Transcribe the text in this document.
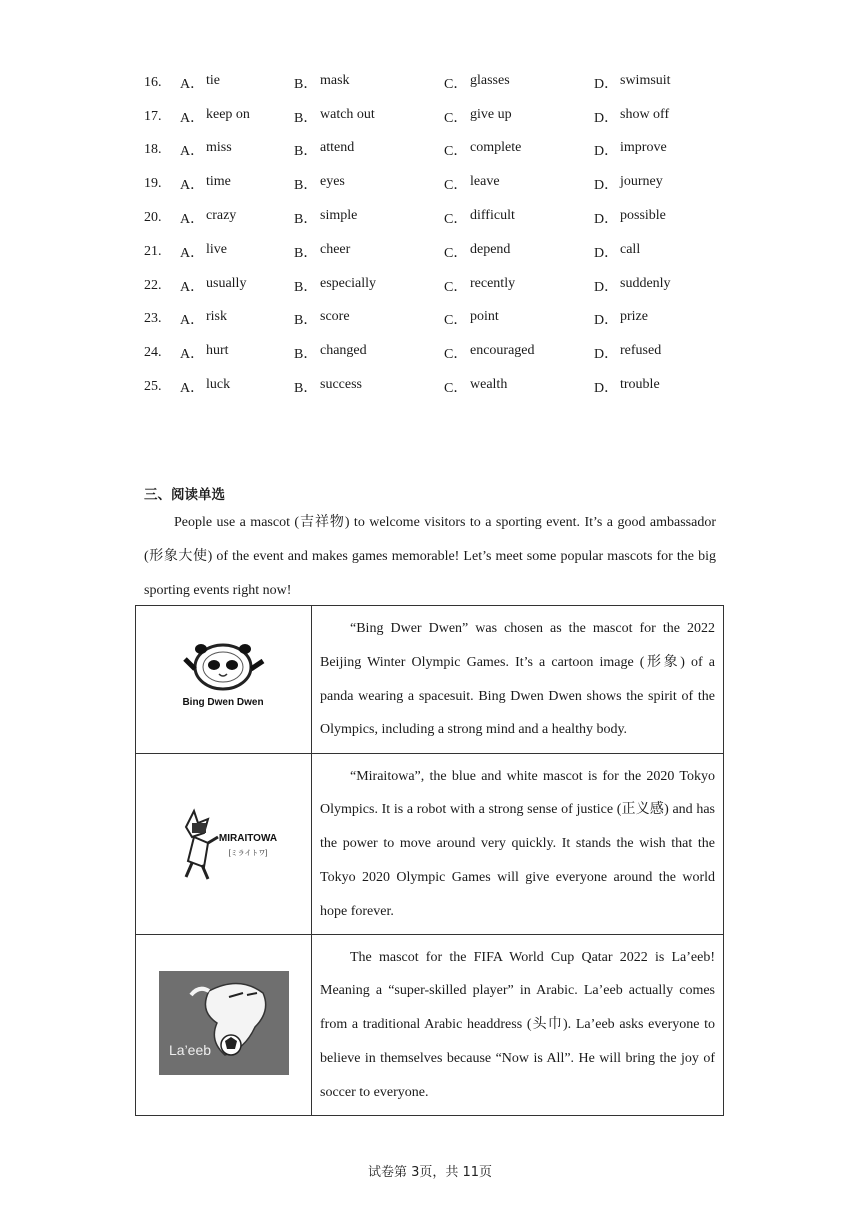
16.	A． tie	B． mask	C． glasses	D． swimsuit
17.	A． keep on	B． watch out	C． give up	D． show off
18.	A． miss	B． attend	C． complete	D． improve
19.	A． time	B． eyes	C． leave	D． journey
20.	A． crazy	B． simple	C． difficult	D． possible
21.	A． live	B． cheer	C． depend	D． call
22.	A． usually	B． especially	C． recently	D． suddenly
23.	A． risk	B． score	C． point	D． prize
24.	A． hurt	B． changed	C． encouraged	D． refused
25.	A． luck	B． success	C． wealth	D． trouble
三、阅读单选
People use a mascot (吉祥物) to welcome visitors to a sporting event. It’s a good ambassador (形象大使) of the event and makes games memorable! Let’s meet some popular mascots for the big sporting events right now!
Bing Dwen Dwen	“Bing Dwer Dwen” was chosen as the mascot for the 2022 Beijing Winter Olympic Games. It’s a cartoon image (形象) of a panda wearing a spacesuit. Bing Dwen Dwen shows the spirit of the Olympics, including a strong mind and a healthy body.

MIRAITOWA
[ミライトワ]	“Miraitowa”, the blue and white mascot is for the 2020 Tokyo Olympics. It is a robot with a strong sense of justice (正义感) and has the power to move around very quickly. It stands the wish that the Tokyo 2020 Olympic Games will give everyone around the world hope forever.

La’eeb	The mascot for the FIFA World Cup Qatar 2022 is La’eeb! Meaning a “super-skilled player” in Arabic. La’eeb actually comes from a traditional Arabic headdress (头巾). La’eeb asks everyone to believe in themselves because “Now is All”. He will bring the joy of soccer to everyone.
试卷第 3页，共 11页
